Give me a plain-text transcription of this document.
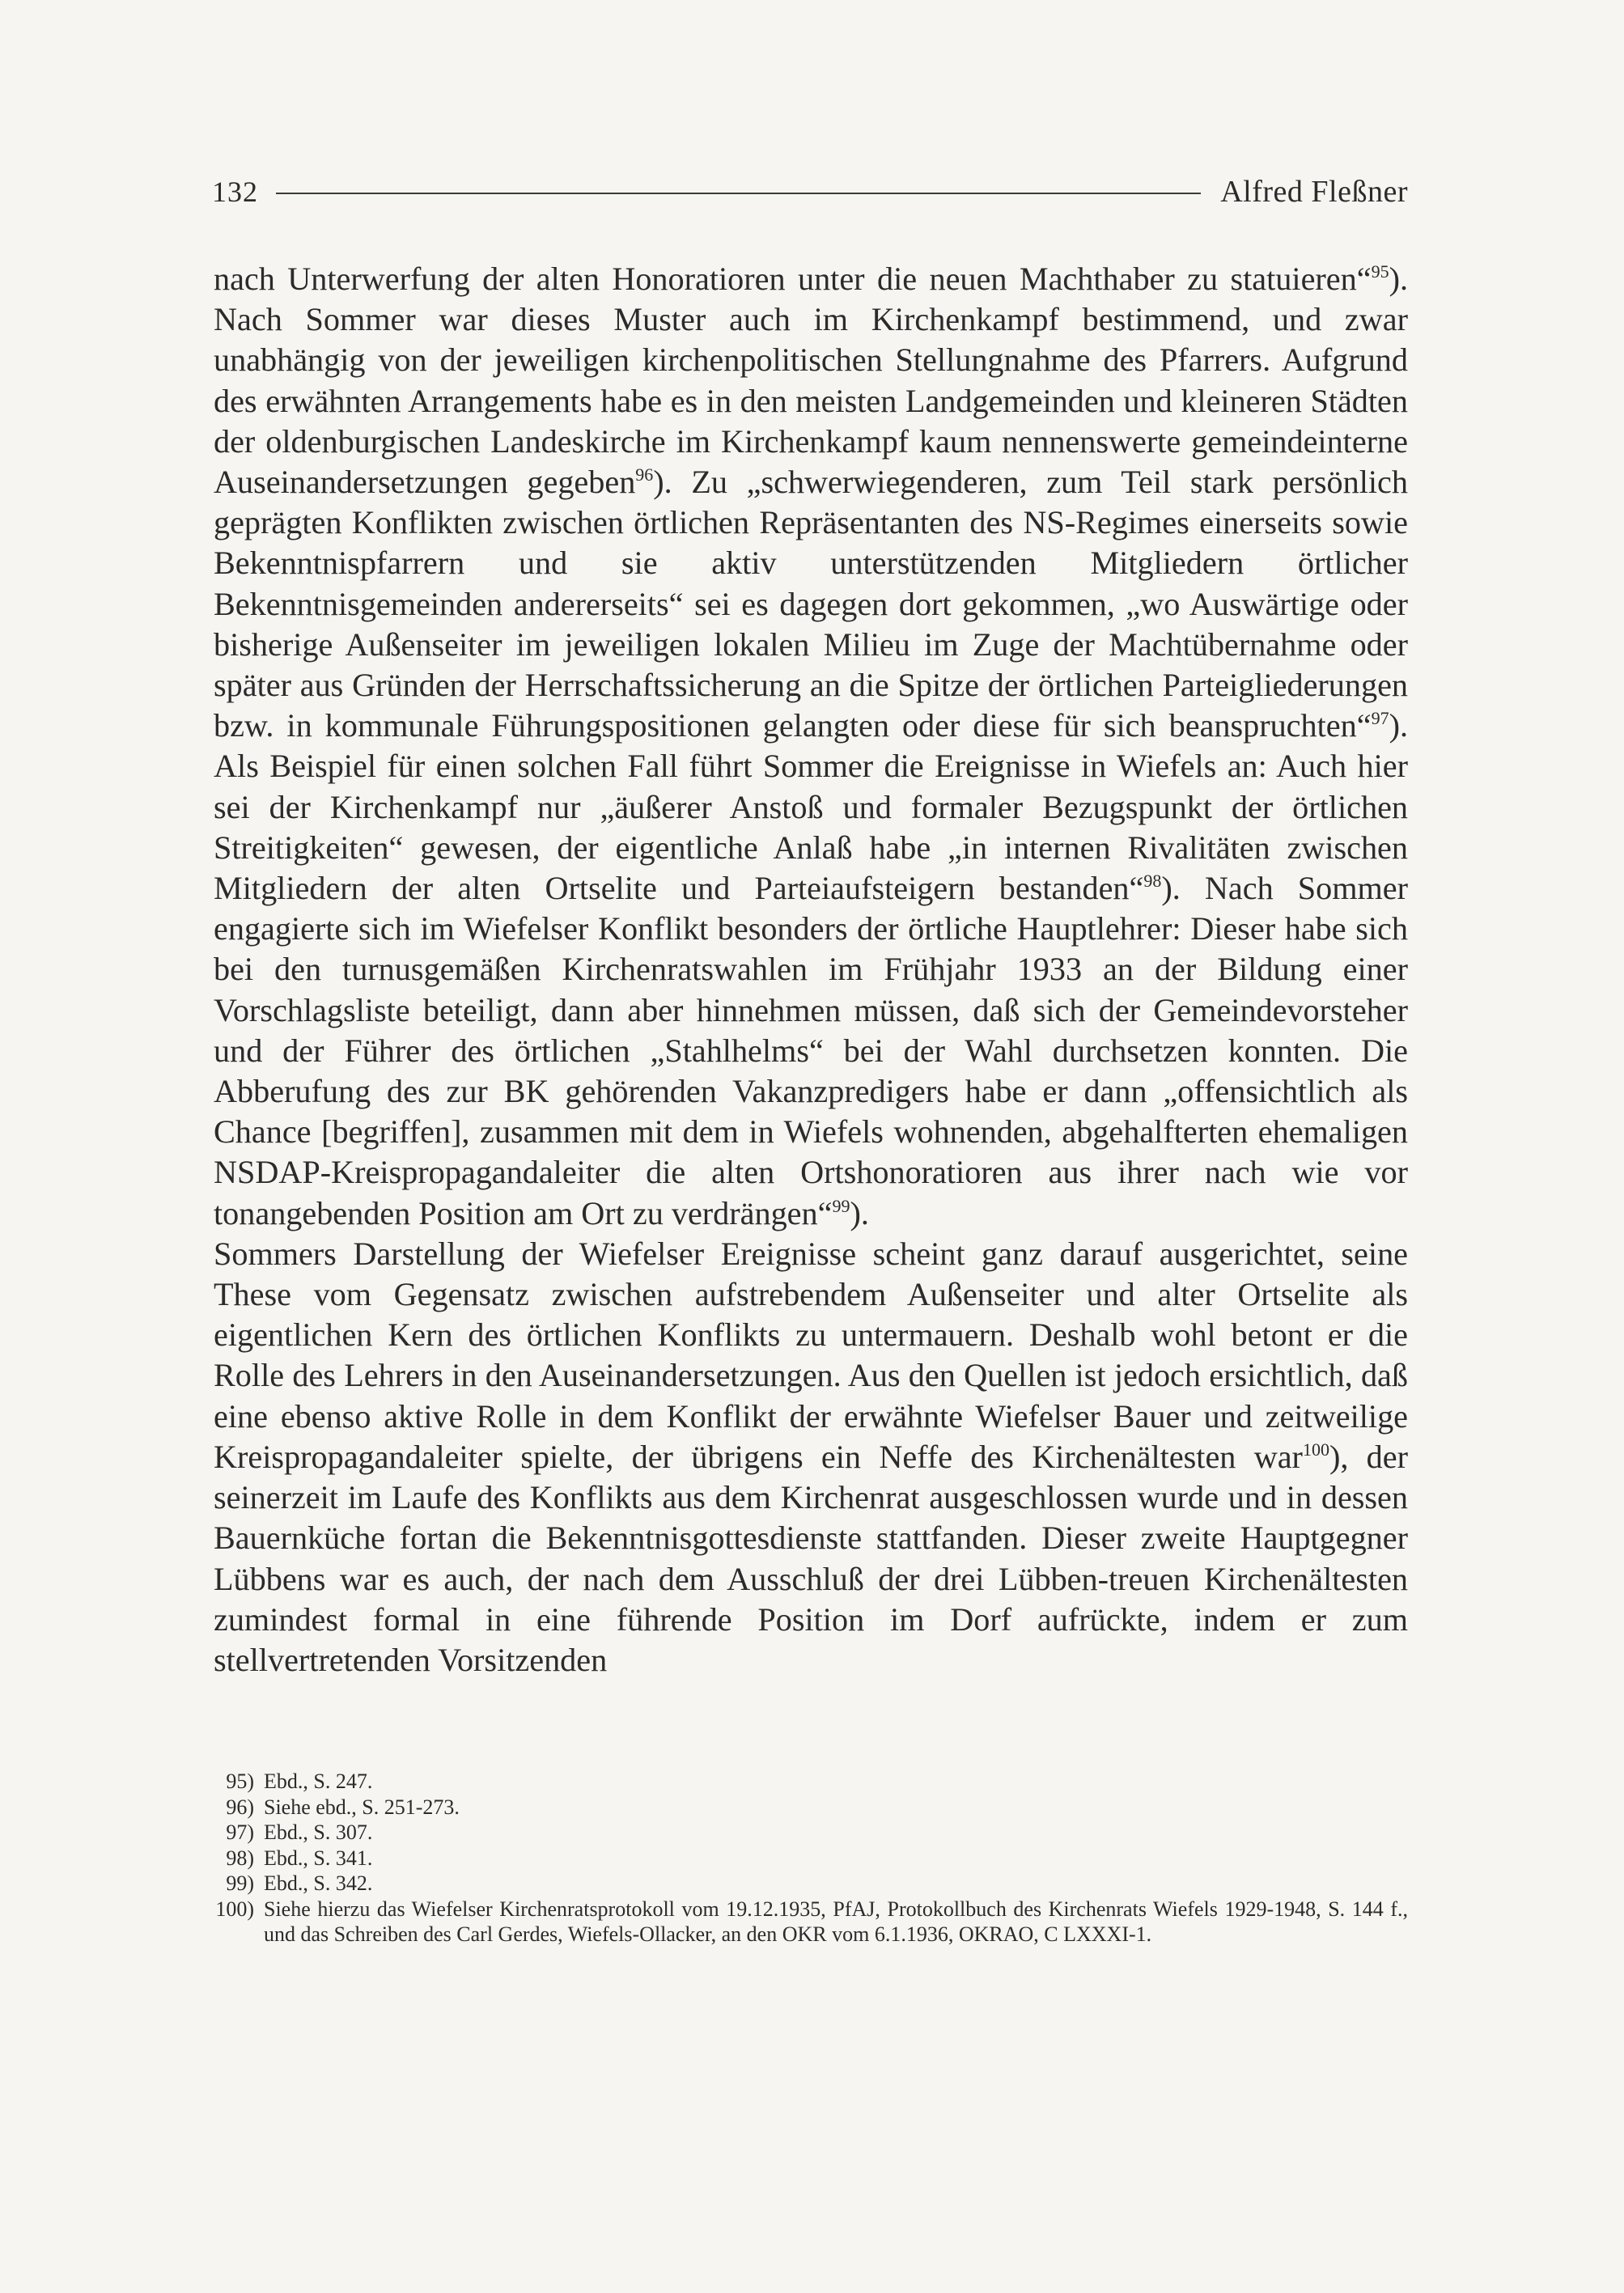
132	Alfred Fleßner

nach Unterwerfung der alten Honoratioren unter die neuen Machthaber zu statuieren“$^{95}$). Nach Sommer war dieses Muster auch im Kirchenkampf bestimmend, und zwar unabhängig von der jeweiligen kirchenpolitischen Stellungnahme des Pfarrers. Aufgrund des erwähnten Arrangements habe es in den meisten Landgemeinden und kleineren Städten der oldenburgischen Landeskirche im Kirchenkampf kaum nennenswerte gemeindeinterne Auseinandersetzungen gegeben$^{96}$). Zu „schwerwiegenderen, zum Teil stark persönlich geprägten Konflikten zwischen örtlichen Repräsentanten des NS-Regimes einerseits sowie Bekenntnispfarrern und sie aktiv unterstützenden Mitgliedern örtlicher Bekenntnisgemeinden andererseits“ sei es dagegen dort gekommen, „wo Auswärtige oder bisherige Außenseiter im jeweiligen lokalen Milieu im Zuge der Machtübernahme oder später aus Gründen der Herrschaftssicherung an die Spitze der örtlichen Parteigliederungen bzw. in kommunale Führungspositionen gelangten oder diese für sich beanspruchten“$^{97}$). Als Beispiel für einen solchen Fall führt Sommer die Ereignisse in Wiefels an: Auch hier sei der Kirchenkampf nur „äußerer Anstoß und formaler Bezugspunkt der örtlichen Streitigkeiten“ gewesen, der eigentliche Anlaß habe „in internen Rivalitäten zwischen Mitgliedern der alten Ortselite und Parteiaufsteigern bestanden“$^{98}$). Nach Sommer engagierte sich im Wiefelser Konflikt besonders der örtliche Hauptlehrer: Dieser habe sich bei den turnusgemäßen Kirchenratswahlen im Frühjahr 1933 an der Bildung einer Vorschlagsliste beteiligt, dann aber hinnehmen müssen, daß sich der Gemeindevorsteher und der Führer des örtlichen „Stahlhelms“ bei der Wahl durchsetzen konnten. Die Abberufung des zur BK gehörenden Vakanzpredigers habe er dann „offensichtlich als Chance [begriffen], zusammen mit dem in Wiefels wohnenden, abgehalfterten ehemaligen NSDAP-Kreispropagandaleiter die alten Ortshonoratioren aus ihrer nach wie vor tonangebenden Position am Ort zu verdrängen“$^{99}$).

Sommers Darstellung der Wiefelser Ereignisse scheint ganz darauf ausgerichtet, seine These vom Gegensatz zwischen aufstrebendem Außenseiter und alter Ortselite als eigentlichen Kern des örtlichen Konflikts zu untermauern. Deshalb wohl betont er die Rolle des Lehrers in den Auseinandersetzungen. Aus den Quellen ist jedoch ersichtlich, daß eine ebenso aktive Rolle in dem Konflikt der erwähnte Wiefelser Bauer und zeitweilige Kreispropagandaleiter spielte, der übrigens ein Neffe des Kirchenältesten war$^{100}$), der seinerzeit im Laufe des Konflikts aus dem Kirchenrat ausgeschlossen wurde und in dessen Bauernküche fortan die Bekenntnisgottesdienste stattfanden. Dieser zweite Hauptgegner Lübbens war es auch, der nach dem Ausschluß der drei Lübben-treuen Kirchenältesten zumindest formal in eine führende Position im Dorf aufrückte, indem er zum stellvertretenden Vorsitzenden

95) Ebd., S. 247.
96) Siehe ebd., S. 251-273.
97) Ebd., S. 307.
98) Ebd., S. 341.
99) Ebd., S. 342.
100) Siehe hierzu das Wiefelser Kirchenratsprotokoll vom 19.12.1935, PfAJ, Protokollbuch des Kirchenrats Wiefels 1929-1948, S. 144 f., und das Schreiben des Carl Gerdes, Wiefels-Ollacker, an den OKR vom 6.1.1936, OKRAO, C LXXXI-1.
